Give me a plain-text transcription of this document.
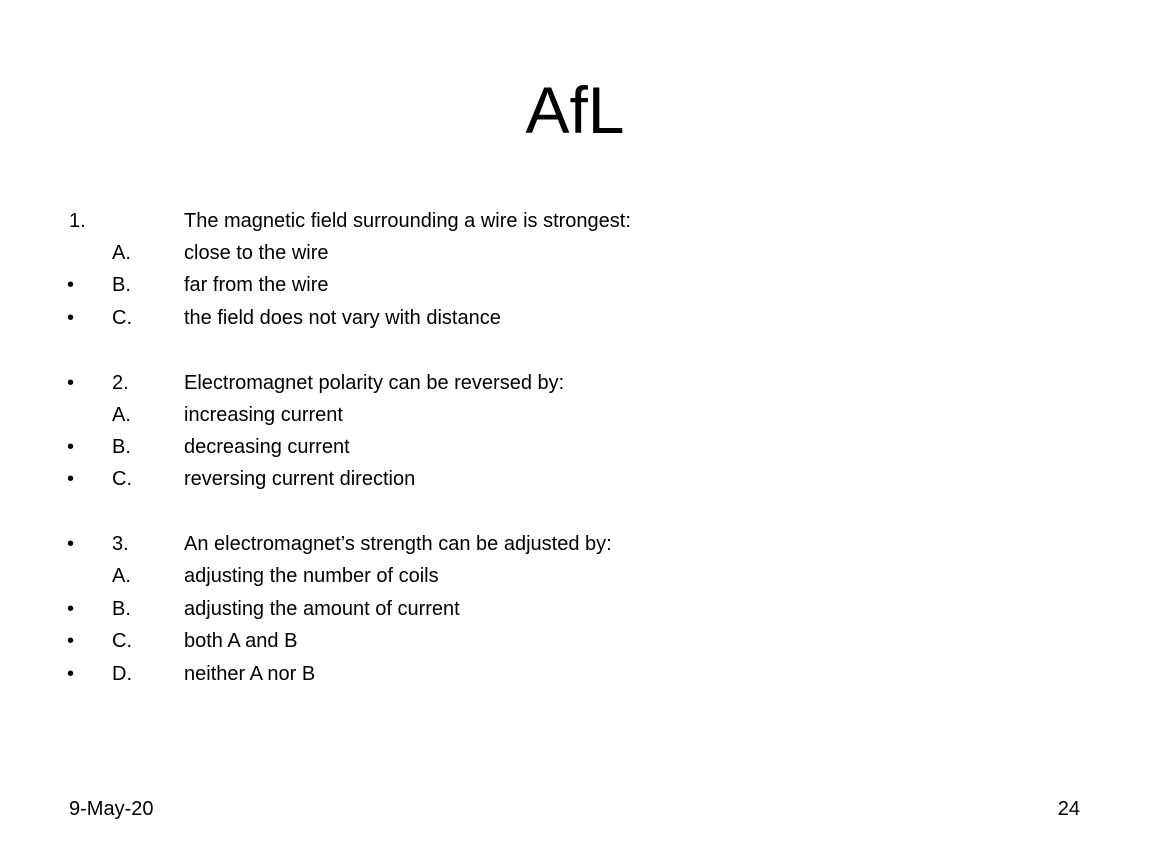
AfL
1.	The magnetic field surrounding a wire is strongest:
A.	close to the wire
•	B.	far from the wire
•	C.	the field does not vary with distance
•	2.	Electromagnet polarity can be reversed by:
A.	increasing current
•	B.	decreasing current
•	C.	reversing current direction
•	3.	An electromagnet’s strength can be adjusted by:
A.	adjusting the number of coils
•	B.	adjusting the amount of current
•	C.	both A and B
•	D.	neither A nor B
9-May-20	24
